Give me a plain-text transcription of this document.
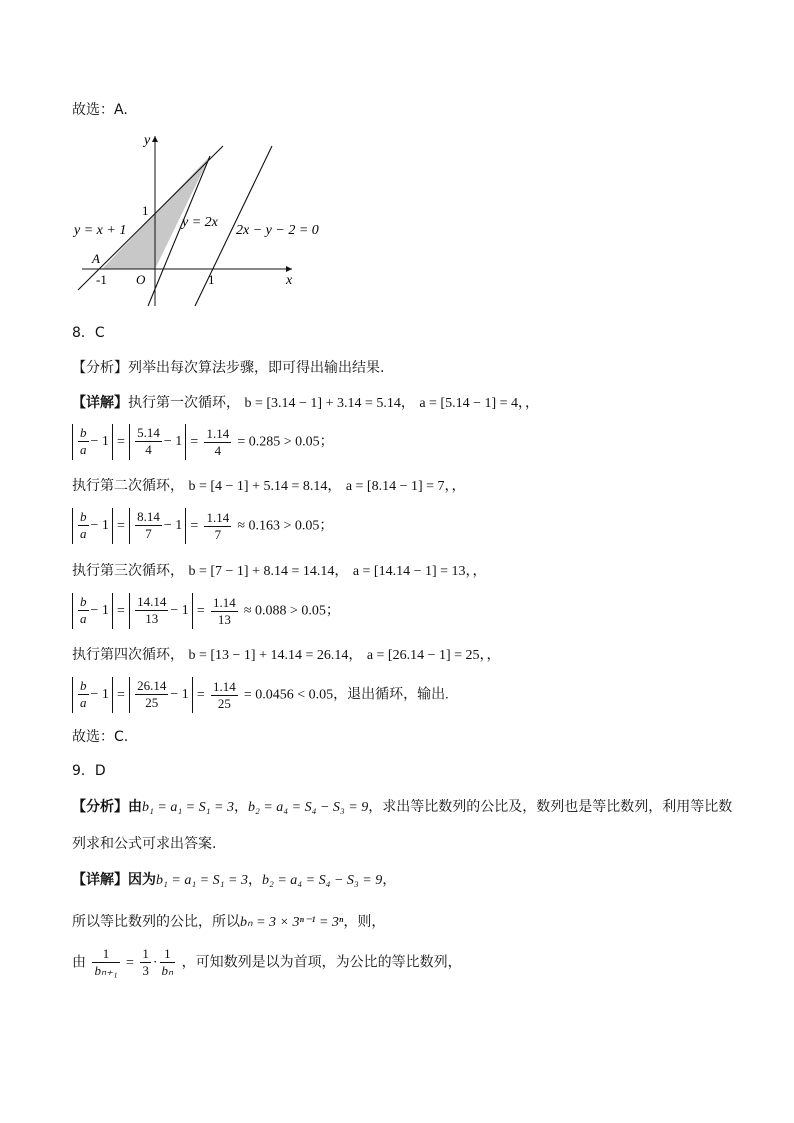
故选：A.
y
x
y = x + 1
y = 2x
2x − y − 2 = 0
A
O
-1	1
1
8．C
【分析】列举出每次算法步骤，即可得出输出结果.
【详解】执行第一次循环， b = [3.14 − 1] + 3.14 = 5.14， a = [5.14 − 1] = 4，，
$\frac{b}{a} - 1 = \frac{5.14}{4} - 1 = \frac{1.14}{4} = 0.285 > 0.05$；
执行第二次循环， b = [4 − 1] + 5.14 = 8.14， a = [8.14 − 1] = 7，，
$\frac{b}{a} - 1 = \frac{8.14}{7} - 1 = \frac{1.14}{7} \approx 0.163 > 0.05$；
执行第三次循环， b = [7 − 1] + 8.14 = 14.14， a = [14.14 − 1] = 13，，
$\frac{b}{a} - 1 = \frac{14.14}{13} - 1 = \frac{1.14}{13} \approx 0.088 > 0.05$；
执行第四次循环， b = [13 − 1] + 14.14 = 26.14， a = [26.14 − 1] = 25，，
$\frac{b}{a} - 1 = \frac{26.14}{25} - 1 = \frac{1.14}{25} = 0.0456 < 0.05$，退出循环，输出.
故选：C.
9．D
【分析】由b₁ = a₁ = S₁ = 3，b₂ = a₄ = S₄ − S₃ = 9，求出等比数列的公比及，数列也是等比数列，利用等比数
列求和公式可求出答案.
【详解】因为b₁ = a₁ = S₁ = 3，b₂ = a₄ = S₄ − S₃ = 9，
所以等比数列的公比，所以bₙ = 3 × 3ⁿ⁻¹ = 3ⁿ，则，
由 $\frac{1}{\text{bₙ₊₁}} = \frac{1}{3} \cdot \frac{1}{\text{bₙ}}$ ，可知数列是以为首项，为公比的等比数列，
